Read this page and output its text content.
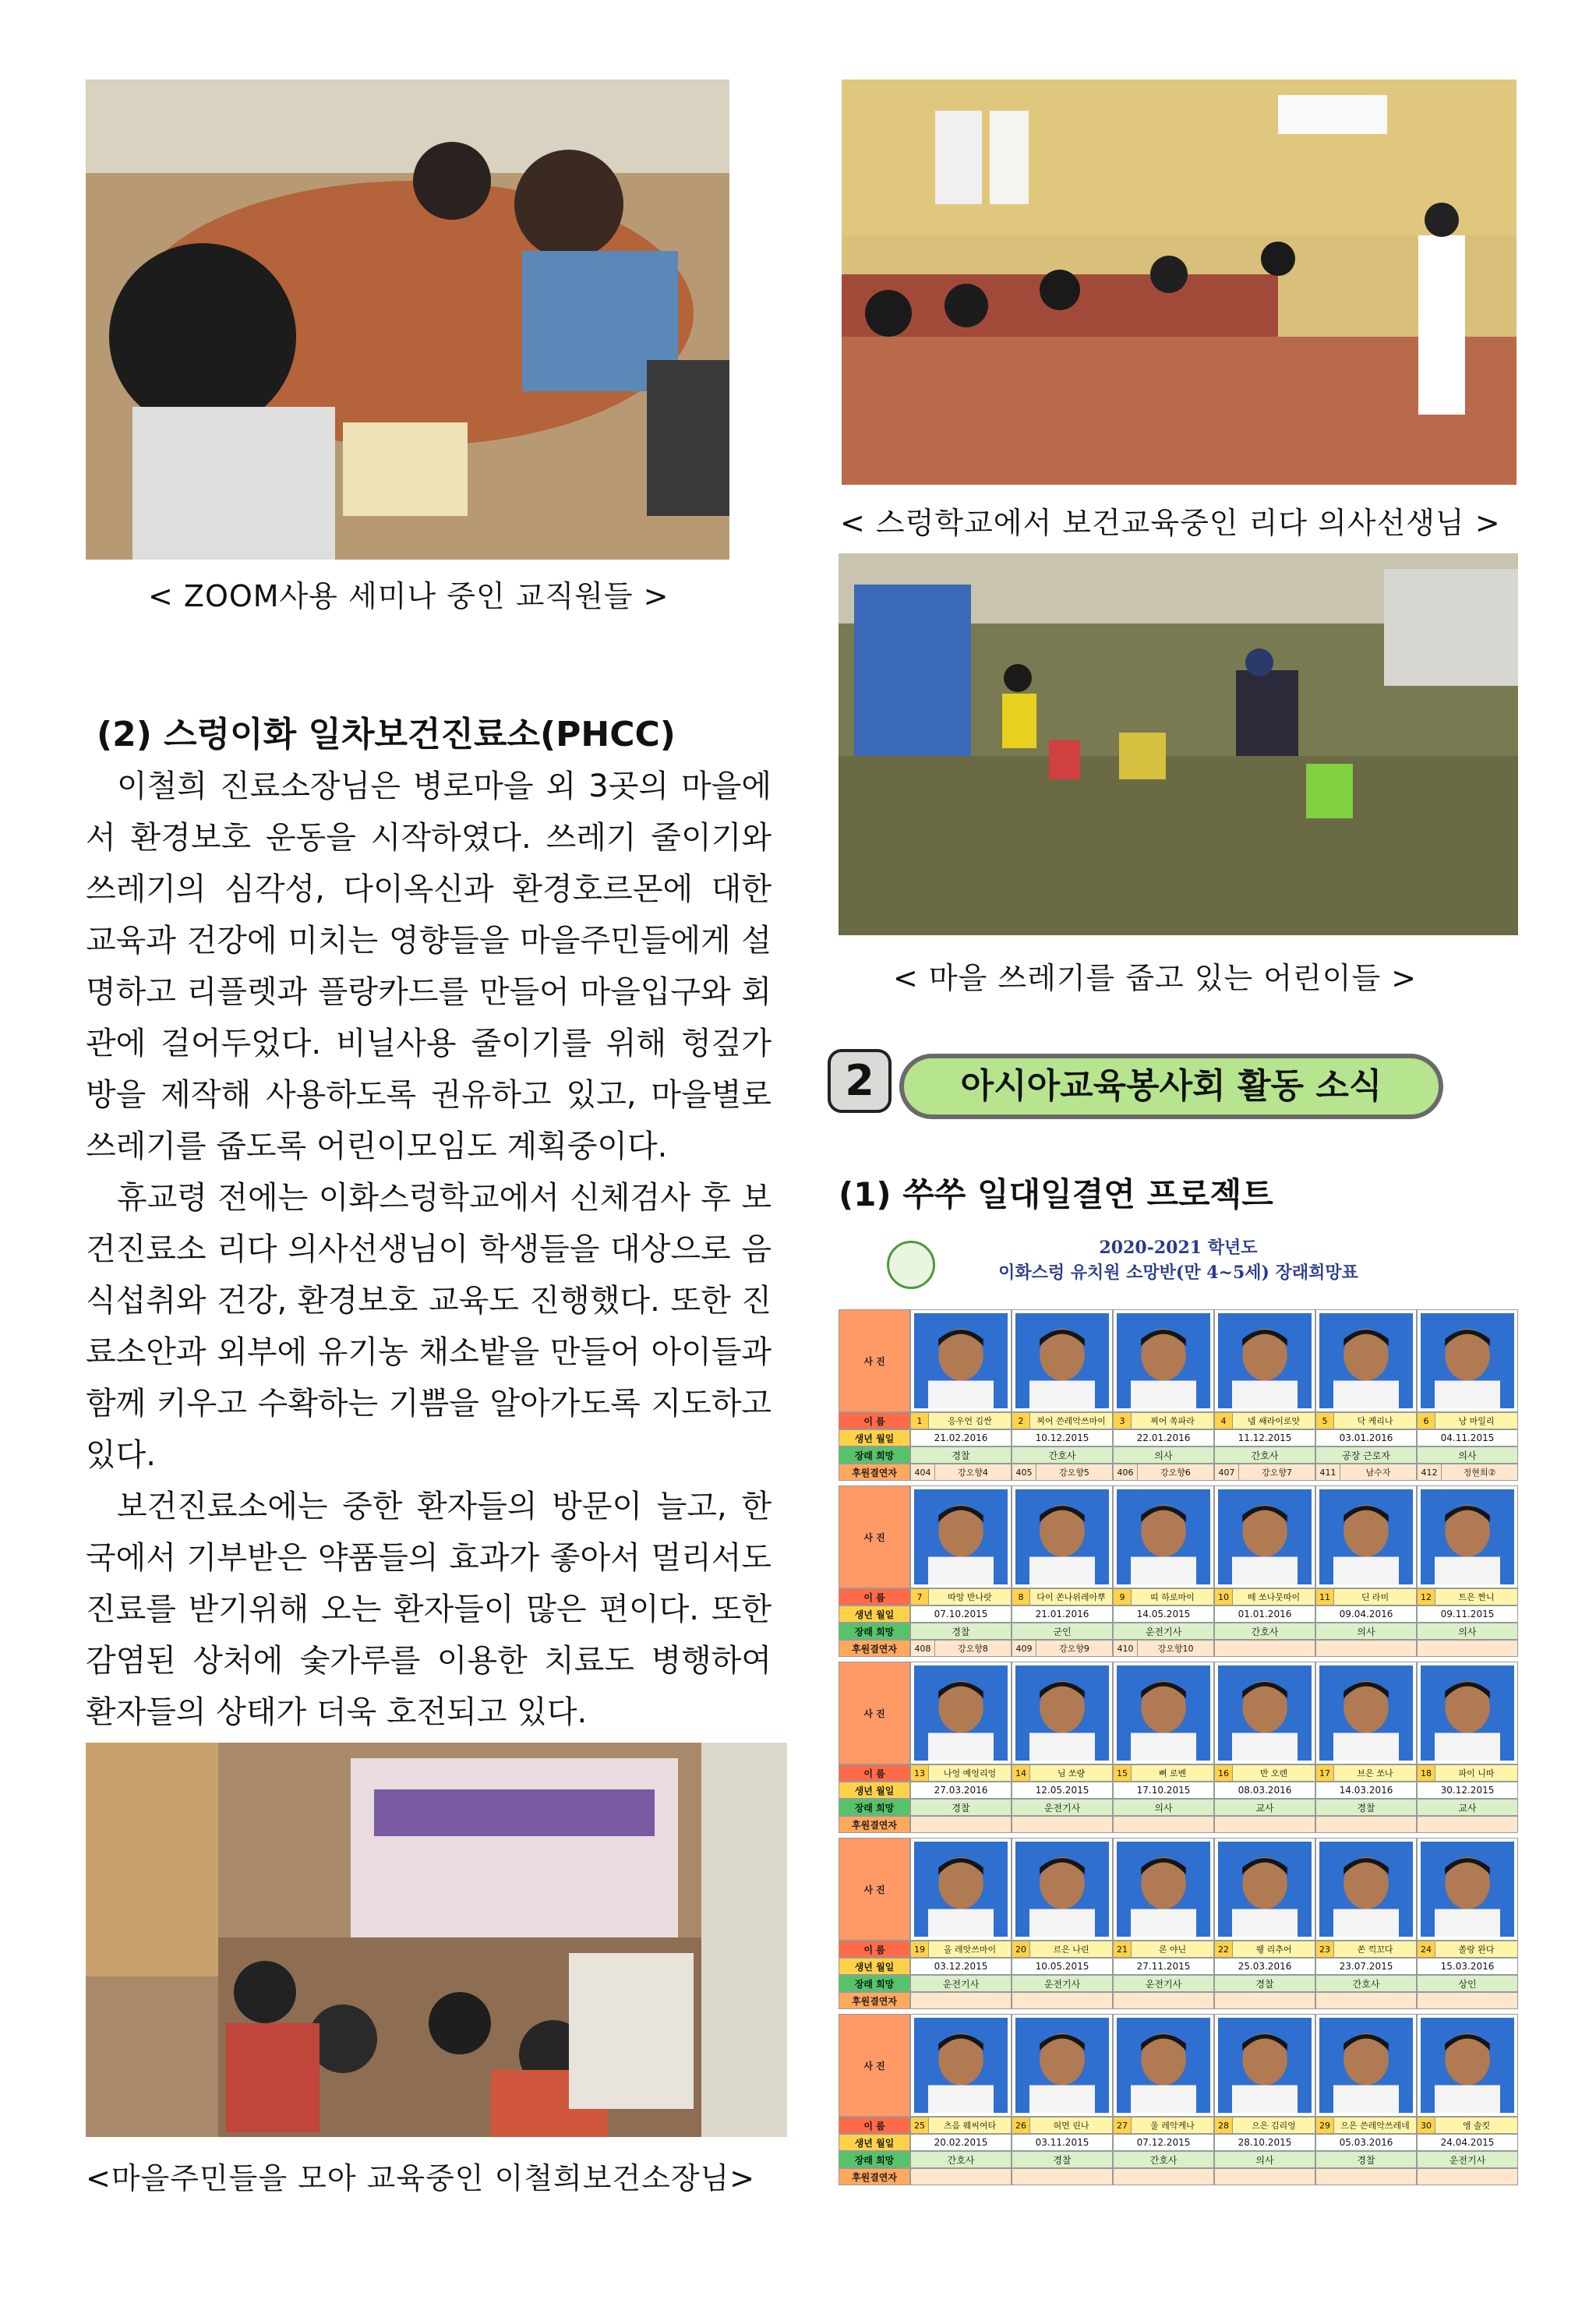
< ZOOM사용 세미나 중인 교직원들 >
(2) 스렁이화 일차보건진료소(PHCC)

이철희 진료소장님은 병로마을 외 3곳의 마을에서 환경보호 운동을 시작하였다. 쓰레기 줄이기와 쓰레기의 심각성, 다이옥신과 환경호르몬에 대한 교육과 건강에 미치는 영향들을 마을주민들에게 설명하고 리플렛과 플랑카드를 만들어 마을입구와 회관에 걸어두었다. 비닐사용 줄이기를 위해 헝겊가방을 제작해 사용하도록 권유하고 있고, 마을별로 쓰레기를 줍도록 어린이모임도 계획중이다.

휴교령 전에는 이화스렁학교에서 신체검사 후 보건진료소 리다 의사선생님이 학생들을 대상으로 음식섭취와 건강, 환경보호 교육도 진행했다. 또한 진료소안과 외부에 유기농 채소밭을 만들어 아이들과 함께 키우고 수확하는 기쁨을 알아가도록 지도하고 있다.

보건진료소에는 중한 환자들의 방문이 늘고, 한국에서 기부받은 약품들의 효과가 좋아서 멀리서도 진료를 받기위해 오는 환자들이 많은 편이다. 또한 감염된 상처에 숯가루를 이용한 치료도 병행하여 환자들의 상태가 더욱 호전되고 있다.

<마을주민들을 모아 교육중인 이철희보건소장님>
< 스렁학교에서 보건교육중인 리다 의사선생님 >
< 마을 쓰레기를 줍고 있는 어린이들 >
2	아시아교육봉사회 활동 소식
(1) 쑤쑤 일대일결연 프로젝트
2020-2021 학년도
이화스렁 유치원 소망반(만 4~5세) 장래희망표
사 진
이 름	1	응우언 김싼	2	찌어 쓴레악쓰마이	3	찌어 쏙파라	4	넴 쌔라이로앗	5	닥 케리나	6	낭 마일리
생년 월일	21.02.2016	10.12.2015	22.01.2016	11.12.2015	03.01.2016	04.11.2015
장래 희망	경찰	간호사	의사	간호사	공장 근로자	의사
후원결연자	404	강오향4	405	강오향5	406	강오향6	407	강오향7	411	남수자	412	정현희②
사 진
이 름	7	따앙 반나랏	8	다이 쏜나위레아뿌	9	띠 하로마이	10	떼 쏘나뭇따이	11	딘 라미	12	트은 짠니
생년 월일	07.10.2015	21.01.2016	14.05.2015	01.01.2016	09.04.2016	09.11.2015
장래 희망	경찰	군인	운전기사	간호사	의사	의사
후원결연자	408	강오향8	409	강오향9	410	강오향10
사 진
이 름	13	나엉 예엉리엉	14	님 쏘량	15	뻐 로벤	16	반 오렌	17	브은 쏘나	18	파이 니따
생년 월일	27.03.2016	12.05.2015	17.10.2015	08.03.2016	14.03.2016	30.12.2015
장래 희망	경찰	운전기사	의사	교사	경찰	교사
후원결연자
사 진
이 름	19	올 레앗쓰마이	20	르은 나린	21	론 야닌	22	웽 리추어	23	쏜 끽꼬다	24	쏠랑 완다
생년 월일	03.12.2015	10.05.2015	27.11.2015	25.03.2016	23.07.2015	15.03.2016
장래 희망	운전기사	운전기사	운전기사	경찰	간호사	상인
후원결연자
사 진
이 름	25	츠음 웨씨여타	26	허먼 린나	27	울 레악케나	28	으은 김리엉	29	으은 쓴레악쓰레네	30	엥 솔킷
생년 월일	20.02.2015	03.11.2015	07.12.2015	28.10.2015	05.03.2016	24.04.2015
장래 희망	간호사	경찰	간호사	의사	경찰	운전기사
후원결연자
